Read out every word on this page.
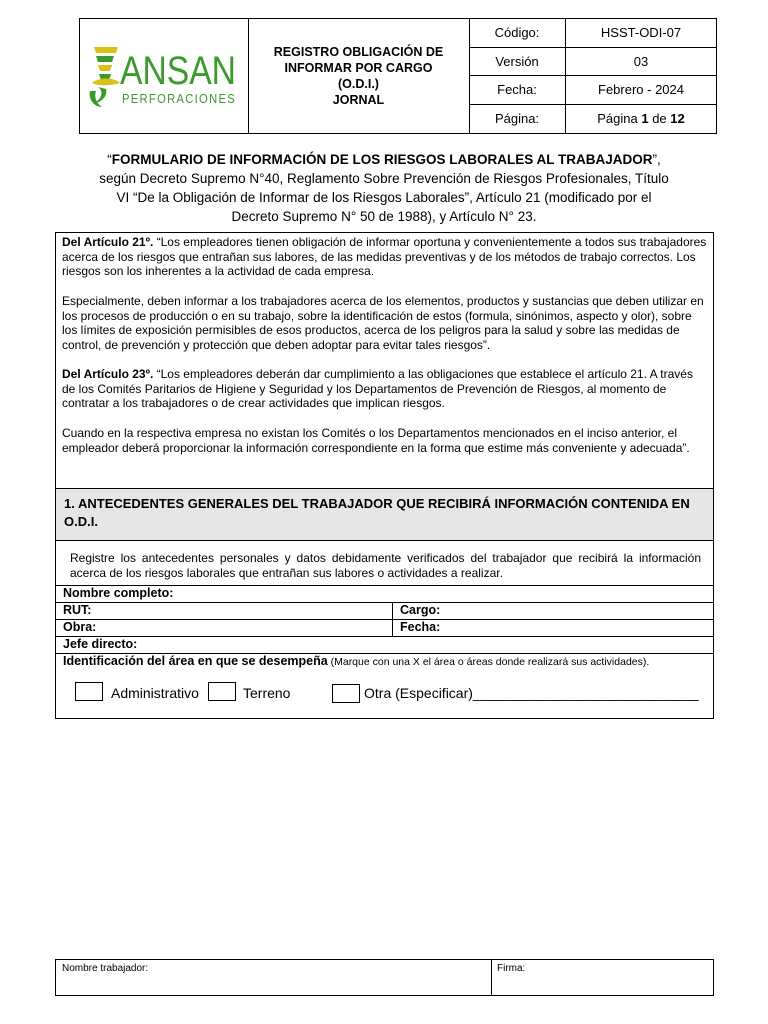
ANSAN
PERFORACIONES
REGISTRO OBLIGACIÓN DE
INFORMAR POR CARGO
(O.D.I.)
JORNAL
Código:	HSST-ODI-07
Versión	03
Fecha:	Febrero - 2024
Página:	Página 1 de 12
“FORMULARIO DE INFORMACIÓN DE LOS RIESGOS LABORALES AL TRABAJADOR”,
según Decreto Supremo N°40, Reglamento Sobre Prevención de Riesgos Profesionales, Título
VI “De la Obligación de Informar de los Riesgos Laborales”, Artículo 21 (modificado por el
Decreto Supremo N° 50 de 1988), y Artículo N° 23.
Del Artículo 21º. “Los empleadores tienen obligación de informar oportuna y convenientemente a todos sus trabajadores acerca de los riesgos que entrañan sus labores, de las medidas preventivas y de los métodos de trabajo correctos. Los riesgos son los inherentes a la actividad de cada empresa.
Especialmente, deben informar a los trabajadores acerca de los elementos, productos y sustancias que deben utilizar en los procesos de producción o en su trabajo, sobre la identificación de estos (formula, sinónimos, aspecto y olor), sobre los límites de exposición permisibles de esos productos, acerca de los peligros para la salud y sobre las medidas de control, de prevención y protección que deben adoptar para evitar tales riesgos”.
Del Artículo 23º. “Los empleadores deberán dar cumplimiento a las obligaciones que establece el artículo 21. A través de los Comités Paritarios de Higiene y Seguridad y los Departamentos de Prevención de Riesgos, al momento de contratar a los trabajadores o de crear actividades que implican riesgos.
Cuando en la respectiva empresa no existan los Comités o los Departamentos mencionados en el inciso anterior, el empleador deberá proporcionar la información correspondiente en la forma que estime más conveniente y adecuada”.
1. ANTECEDENTES GENERALES DEL TRABAJADOR QUE RECIBIRÁ INFORMACIÓN CONTENIDA EN O.D.I.
Registre los antecedentes personales y datos debidamente verificados del trabajador que recibirá la información acerca de los riesgos laborales que entrañan sus labores o actividades a realizar.
Nombre completo:
RUT:	Cargo:
Obra:	Fecha:
Jefe directo:
Identificación del área en que se desempeña (Marque con una X el área o áreas donde realizará sus actividades).
Administrativo	Terreno	Otra (Especificar)_____________________________
Nombre trabajador:	Firma:
